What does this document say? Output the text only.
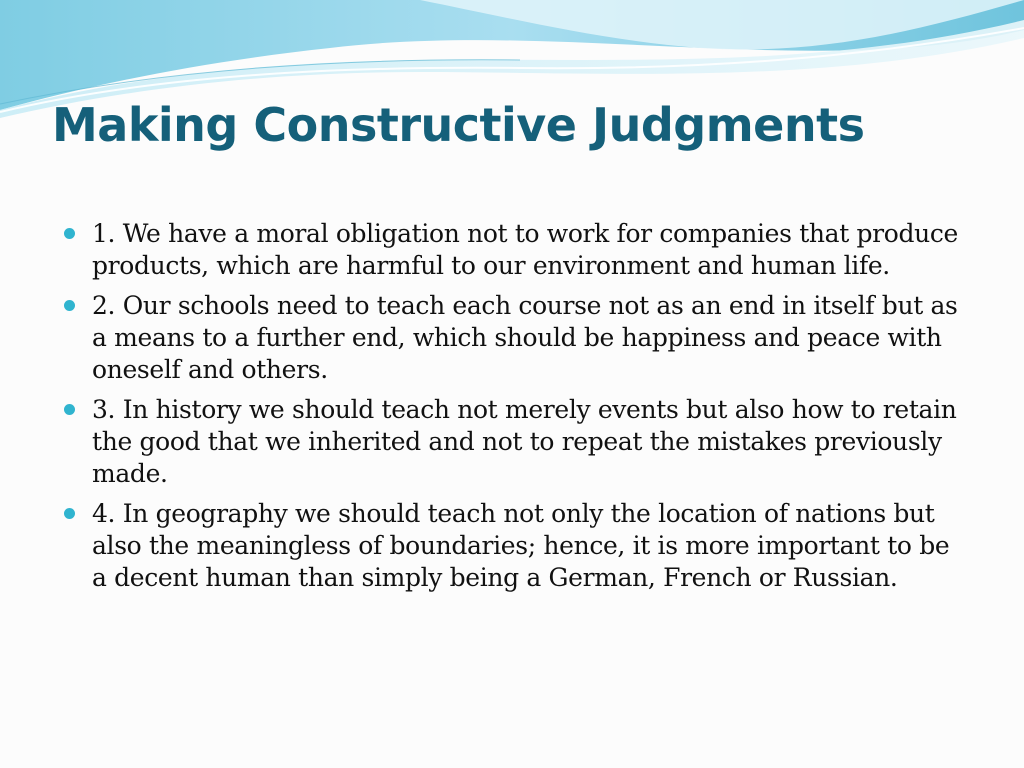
Making Constructive Judgments
1. We have a moral obligation not to work for companies that produce products, which are harmful to our environment and human life.
2. Our schools need to teach each course not as an end in itself but as a means to a further end, which should be happiness and peace with oneself and others.
3. In history we should teach not merely events but also how to retain the good that we inherited and not to repeat the mistakes previously made.
4. In geography we should teach not only the location of nations but also the meaningless of boundaries; hence, it is more important to be a decent human than simply being a German, French or Russian.
